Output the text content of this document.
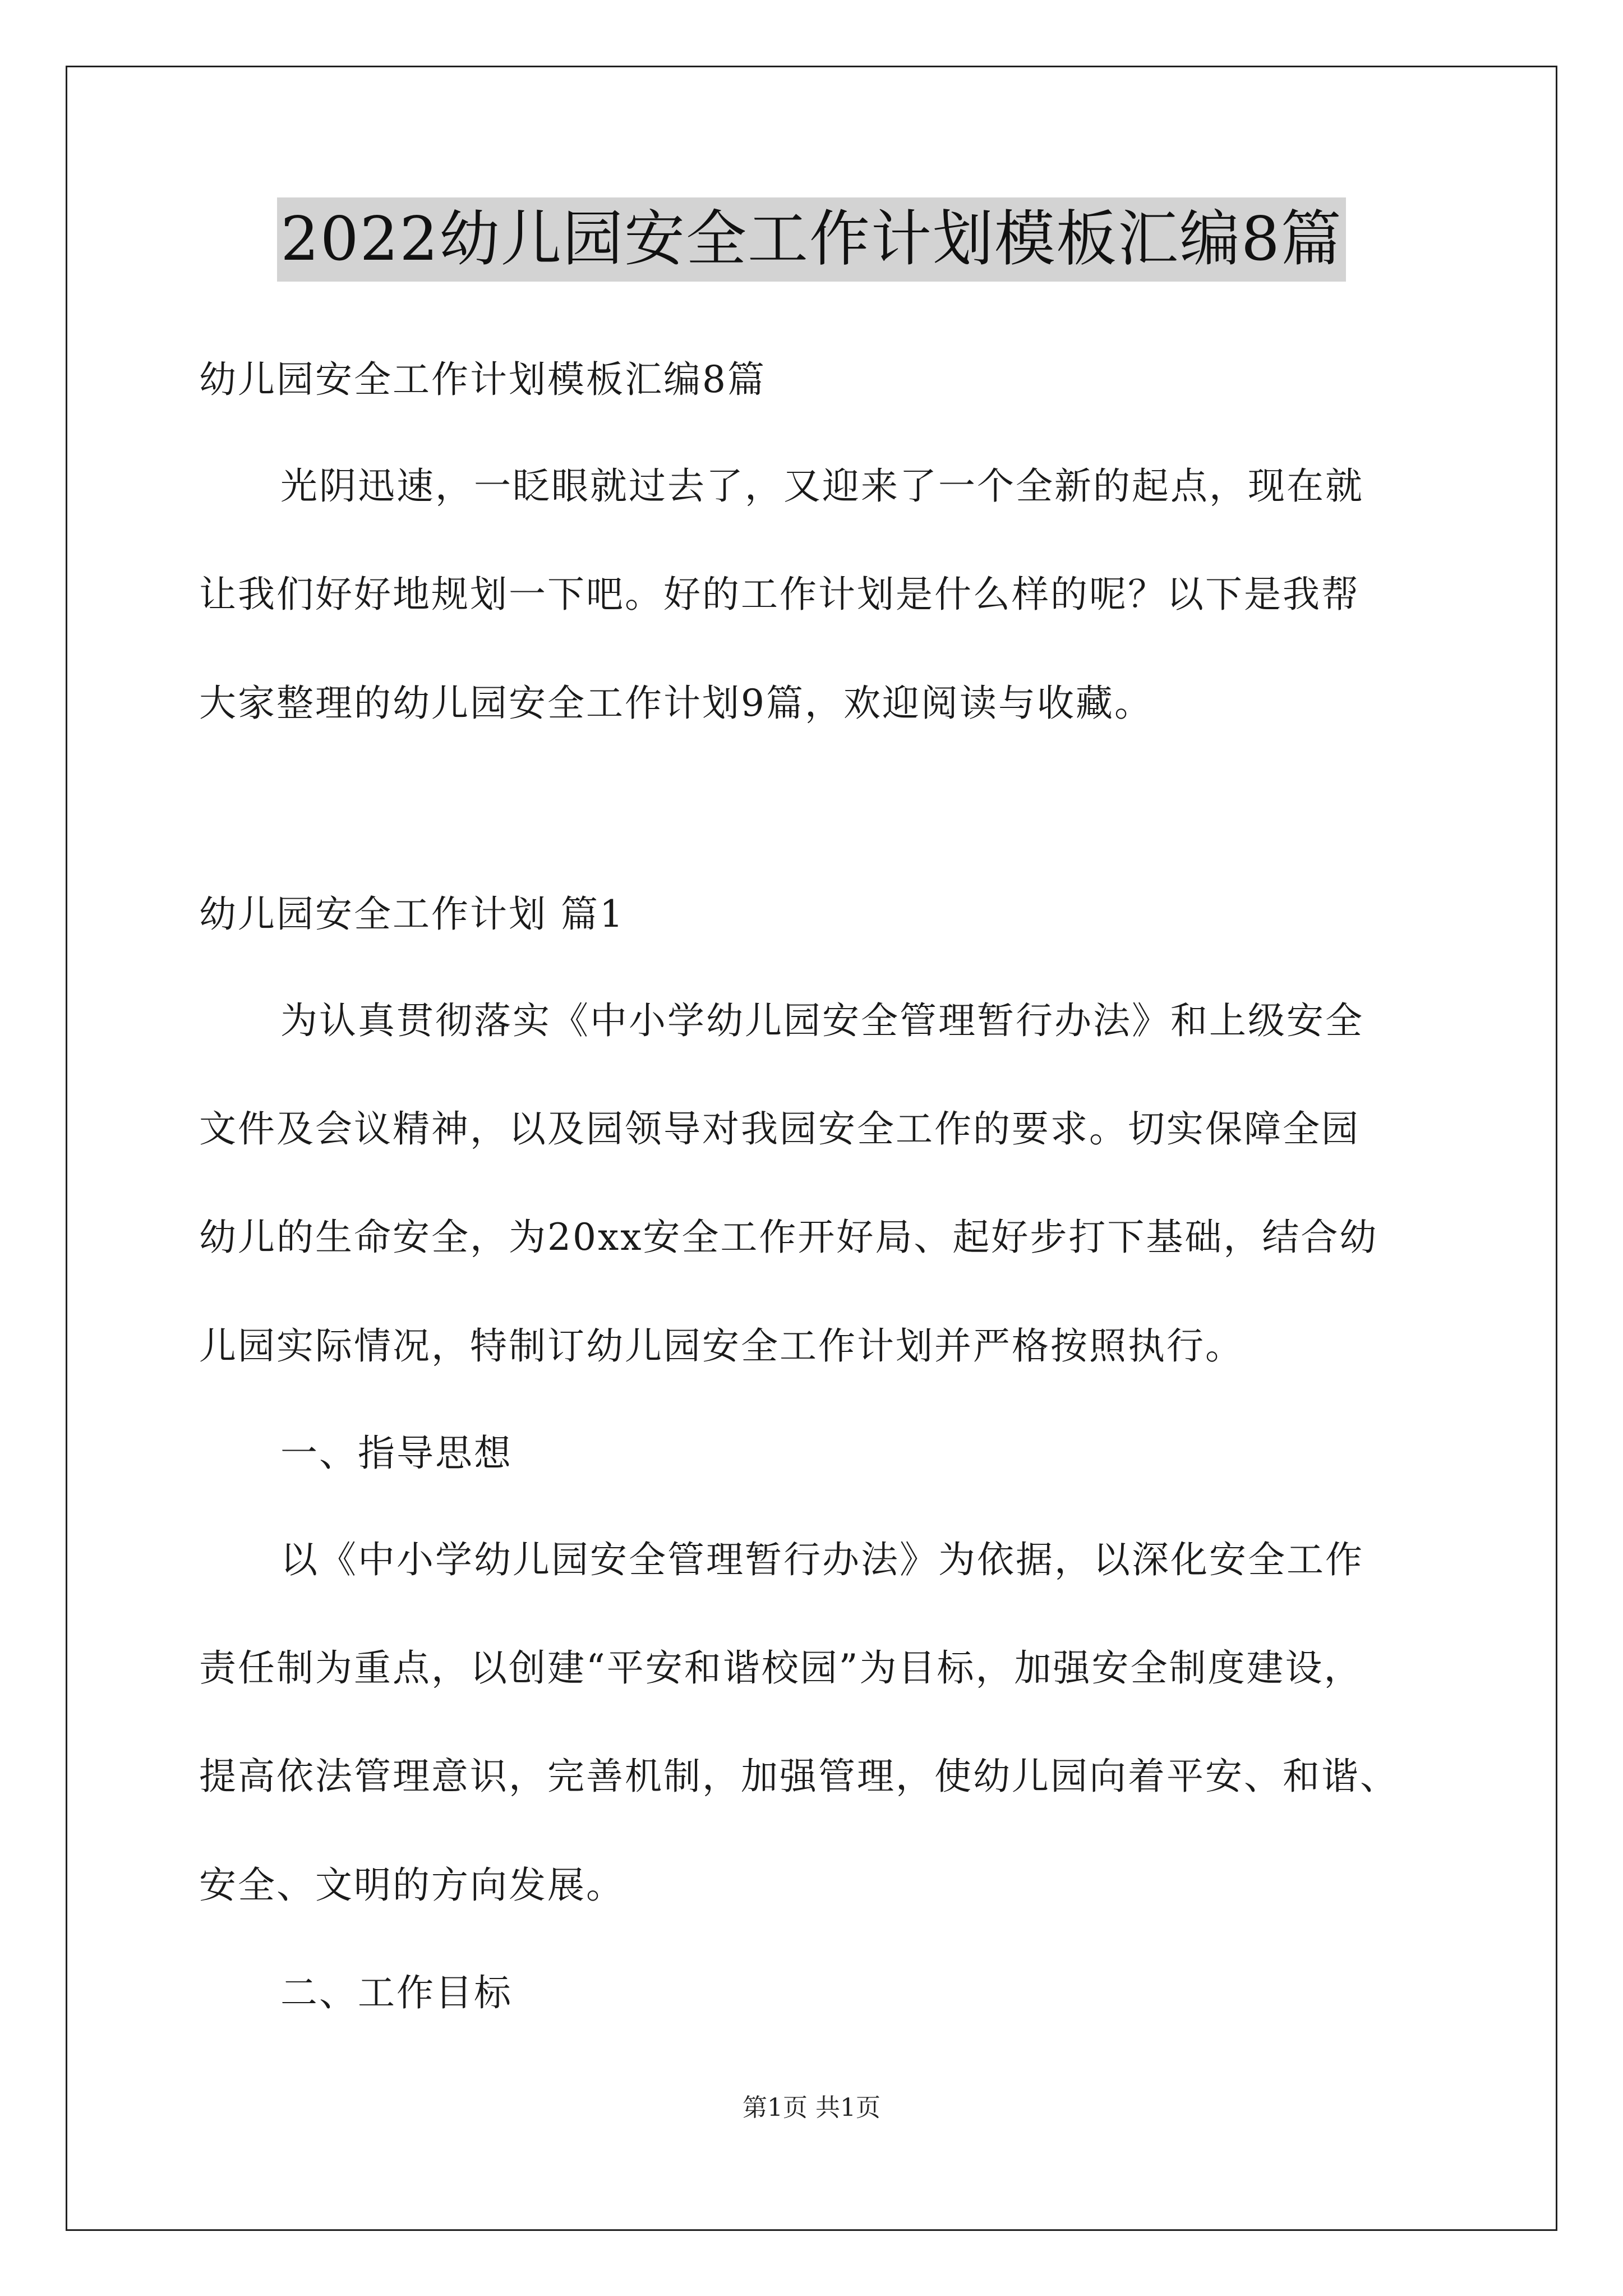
2022幼儿园安全工作计划模板汇编8篇
幼儿园安全工作计划模板汇编8篇
光阴迅速，一眨眼就过去了，又迎来了一个全新的起点，现在就
让我们好好地规划一下吧。好的工作计划是什么样的呢？以下是我帮
大家整理的幼儿园安全工作计划9篇，欢迎阅读与收藏。
幼儿园安全工作计划 篇1
为认真贯彻落实《中小学幼儿园安全管理暂行办法》和上级安全
文件及会议精神，以及园领导对我园安全工作的要求。切实保障全园
幼儿的生命安全，为20xx安全工作开好局、起好步打下基础，结合幼
儿园实际情况，特制订幼儿园安全工作计划并严格按照执行。
一、指导思想
以《中小学幼儿园安全管理暂行办法》为依据，以深化安全工作
责任制为重点，以创建“平安和谐校园”为目标，加强安全制度建设，
提高依法管理意识，完善机制，加强管理，使幼儿园向着平安、和谐、
安全、文明的方向发展。
二、工作目标
第1页 共1页
